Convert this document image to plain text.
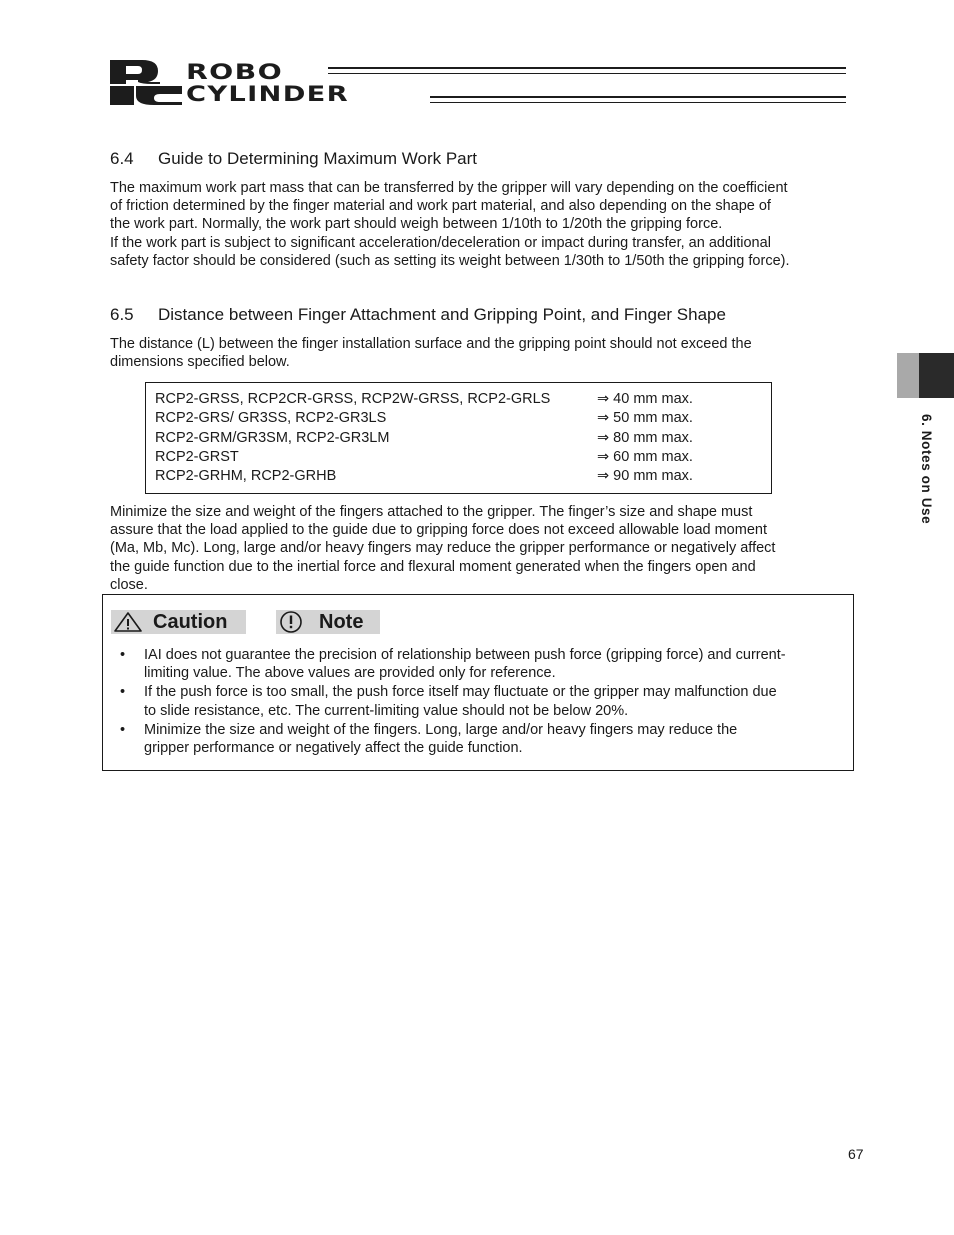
ROBO
CYLINDER
6.4 Guide to Determining Maximum Work Part
The maximum work part mass that can be transferred by the gripper will vary depending on the coefficient
of friction determined by the finger material and work part material, and also depending on the shape of
the work part. Normally, the work part should weigh between 1/10th to 1/20th the gripping force.
If the work part is subject to significant acceleration/deceleration or impact during transfer, an additional
safety factor should be considered (such as setting its weight between 1/30th to 1/50th the gripping force).
6.5 Distance between Finger Attachment and Gripping Point, and Finger Shape
The distance (L) between the finger installation surface and the gripping point should not exceed the
dimensions specified below.
RCP2-GRSS, RCP2CR-GRSS, RCP2W-GRSS, RCP2-GRLS	⇒ 40 mm max.
RCP2-GRS/ GR3SS, RCP2-GR3LS	⇒ 50 mm max.
RCP2-GRM/GR3SM, RCP2-GR3LM	⇒ 80 mm max.
RCP2-GRST	⇒ 60 mm max.
RCP2-GRHM, RCP2-GRHB	⇒ 90 mm max.
Minimize the size and weight of the fingers attached to the gripper. The finger’s size and shape must
assure that the load applied to the guide due to gripping force does not exceed allowable load moment
(Ma, Mb, Mc). Long, large and/or heavy fingers may reduce the gripper performance or negatively affect
the guide function due to the inertial force and flexural moment generated when the fingers open and
close.
Caution	Note
• IAI does not guarantee the precision of relationship between push force (gripping force) and current-
limiting value. The above values are provided only for reference.
• If the push force is too small, the push force itself may fluctuate or the gripper may malfunction due
to slide resistance, etc. The current-limiting value should not be below 20%.
• Minimize the size and weight of the fingers. Long, large and/or heavy fingers may reduce the
gripper performance or negatively affect the guide function.
6. Notes on Use
67
